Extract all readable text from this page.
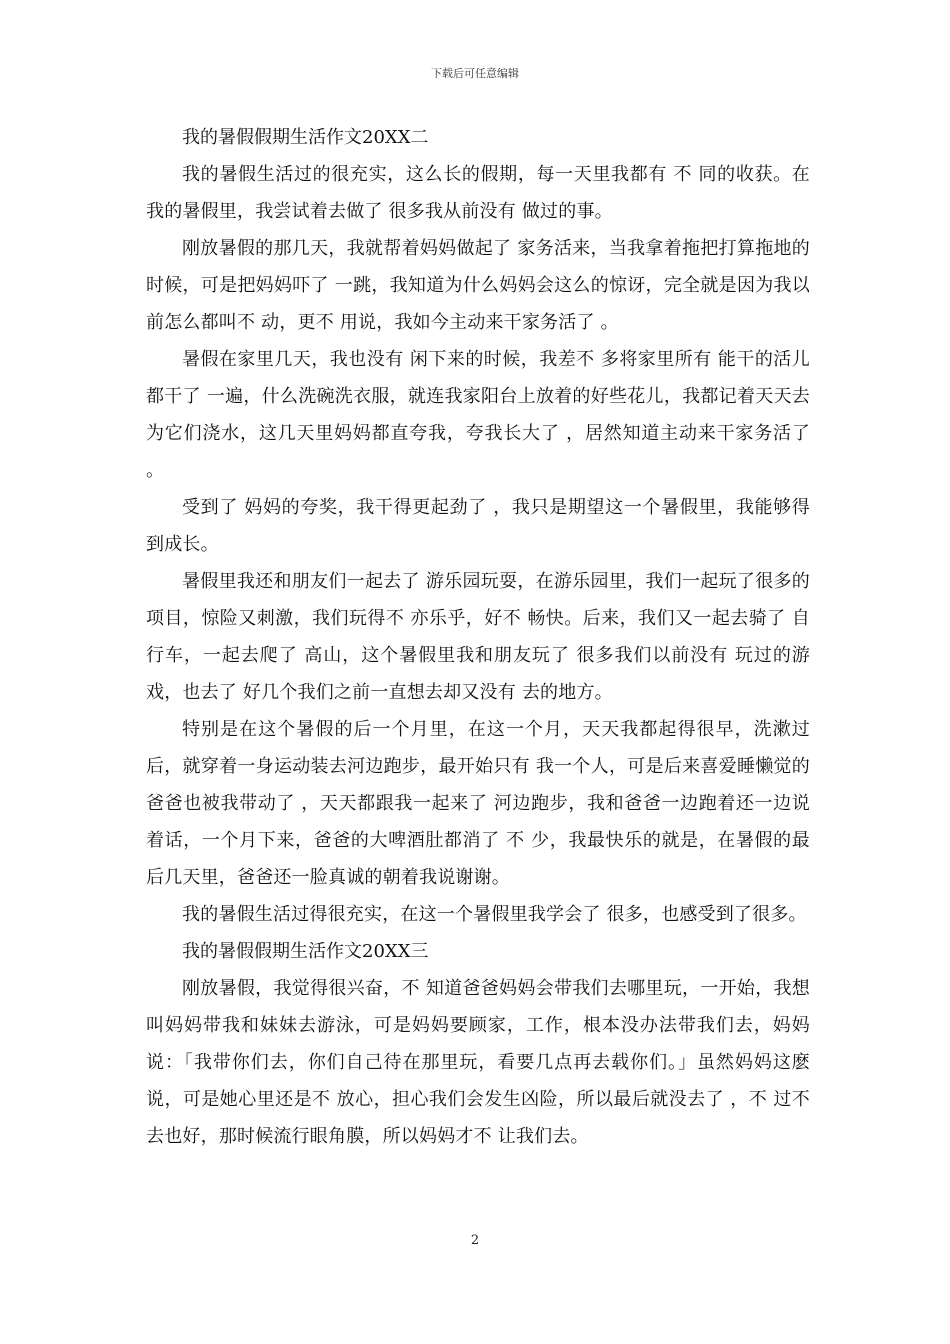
下载后可任意编辑

我的暑假假期生活作文20XX二

我的暑假生活过的很充实，这么长的假期，每一天里我都有 不 同的收获。在我的暑假里，我尝试着去做了 很多我从前没有 做过的事。

刚放暑假的那几天，我就帮着妈妈做起了 家务活来，当我拿着拖把打算拖地的时候，可是把妈妈吓了 一跳，我知道为什么妈妈会这么的惊讶，完全就是因为我以前怎么都叫不 动，更不 用说，我如今主动来干家务活了 。

暑假在家里几天，我也没有 闲下来的时候，我差不 多将家里所有 能干的活儿都干了 一遍，什么洗碗洗衣服，就连我家阳台上放着的好些花儿，我都记着天天去为它们浇水，这几天里妈妈都直夸我，夸我长大了 ，居然知道主动来干家务活了 。

受到了 妈妈的夸奖，我干得更起劲了 ，我只是期望这一个暑假里，我能够得到成长。

暑假里我还和朋友们一起去了 游乐园玩耍，在游乐园里，我们一起玩了很多的项目，惊险又刺激，我们玩得不 亦乐乎，好不 畅快。后来，我们又一起去骑了 自行车，一起去爬了 高山，这个暑假里我和朋友玩了 很多我们以前没有 玩过的游戏，也去了 好几个我们之前一直想去却又没有 去的地方。

特别是在这个暑假的后一个月里，在这一个月，天天我都起得很早，洗漱过后，就穿着一身运动装去河边跑步，最开始只有 我一个人，可是后来喜爱睡懒觉的爸爸也被我带动了 ，天天都跟我一起来了 河边跑步，我和爸爸一边跑着还一边说着话，一个月下来，爸爸的大啤酒肚都消了 不 少，我最快乐的就是，在暑假的最后几天里，爸爸还一脸真诚的朝着我说谢谢。

我的暑假生活过得很充实，在这一个暑假里我学会了 很多，也感受到了很多。

我的暑假假期生活作文20XX三

刚放暑假，我觉得很兴奋，不 知道爸爸妈妈会带我们去哪里玩，一开始，我想叫妈妈带我和妹妹去游泳，可是妈妈要顾家，工作，根本没办法带我们去，妈妈说：「我带你们去，你们自己待在那里玩，看要几点再去载你们。」虽然妈妈这麽说，可是她心里还是不 放心，担心我们会发生凶险，所以最后就没去了 ，不 过不 去也好，那时候流行眼角膜，所以妈妈才不 让我们去。

2
